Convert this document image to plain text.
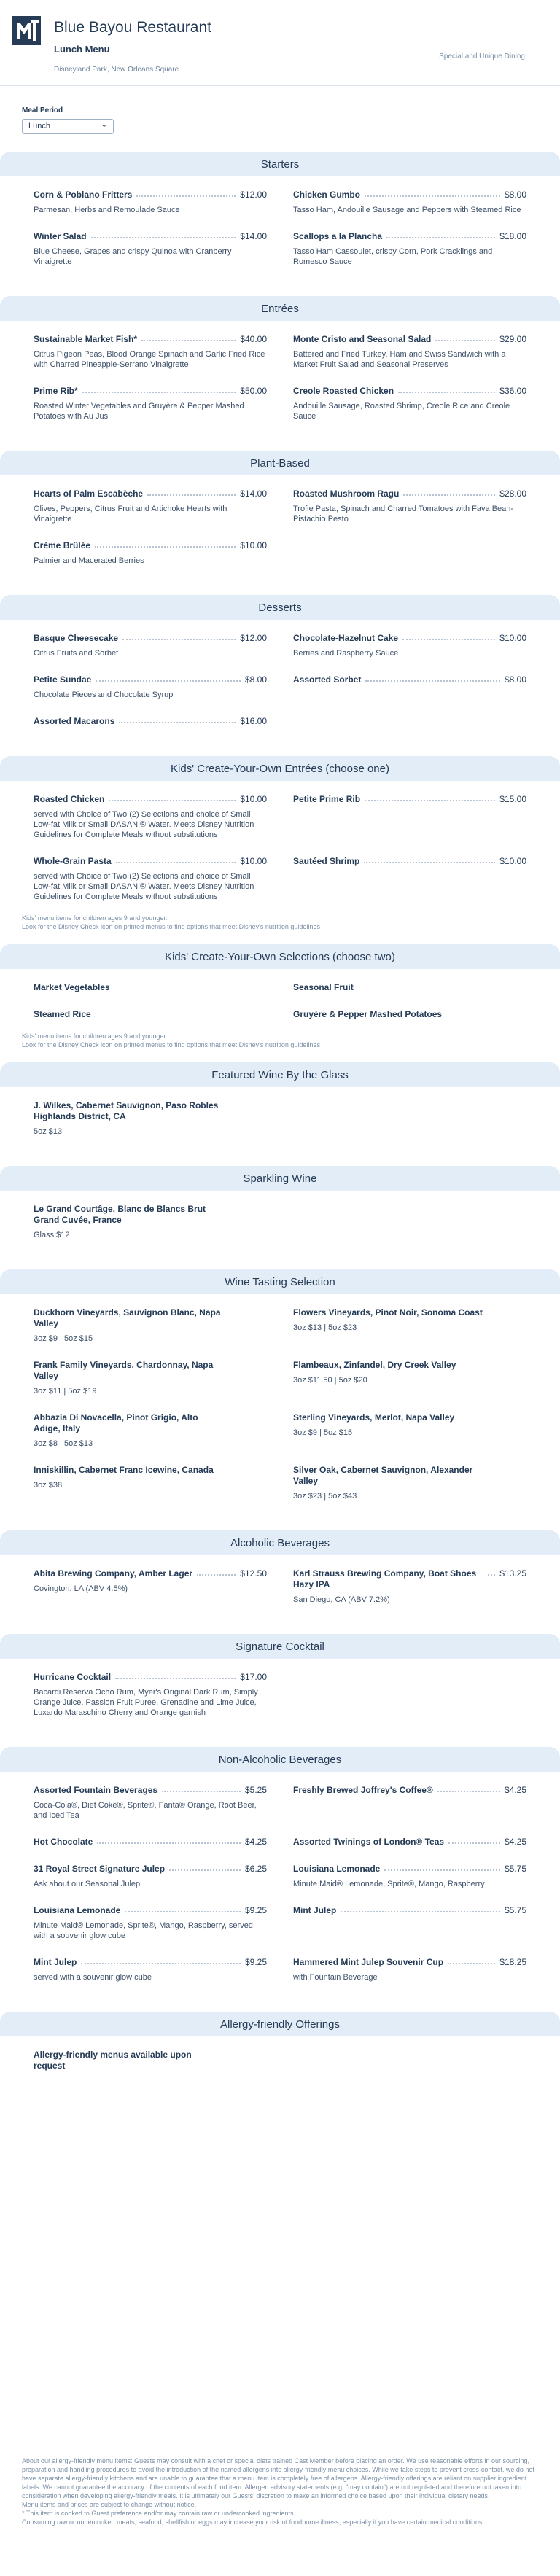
Blue Bayou Restaurant
Lunch Menu
Disneyland Park, New Orleans Square
Special and Unique Dining
Meal Period
Lunch	⌄
Starters
Corn & Poblano Fritters	$12.00
Parmesan, Herbs and Remoulade Sauce
Chicken Gumbo	$8.00
Tasso Ham, Andouille Sausage and Peppers with Steamed Rice
Winter Salad	$14.00
Blue Cheese, Grapes and crispy Quinoa with Cranberry Vinaigrette
Scallops a la Plancha	$18.00
Tasso Ham Cassoulet, crispy Corn, Pork Cracklings and Romesco Sauce
Entrées
Sustainable Market Fish*	$40.00
Citrus Pigeon Peas, Blood Orange Spinach and Garlic Fried Rice with Charred Pineapple-Serrano Vinaigrette
Monte Cristo and Seasonal Salad	$29.00
Battered and Fried Turkey, Ham and Swiss Sandwich with a Market Fruit Salad and Seasonal Preserves
Prime Rib*	$50.00
Roasted Winter Vegetables and Gruyère & Pepper Mashed Potatoes with Au Jus
Creole Roasted Chicken	$36.00
Andouille Sausage, Roasted Shrimp, Creole Rice and Creole Sauce
Plant-Based
Hearts of Palm Escabèche	$14.00
Olives, Peppers, Citrus Fruit and Artichoke Hearts with Vinaigrette
Roasted Mushroom Ragu	$28.00
Trofie Pasta, Spinach and Charred Tomatoes with Fava Bean-Pistachio Pesto
Crème Brûlée	$10.00
Palmier and Macerated Berries
Desserts
Basque Cheesecake	$12.00
Citrus Fruits and Sorbet
Chocolate-Hazelnut Cake	$10.00
Berries and Raspberry Sauce
Petite Sundae	$8.00
Chocolate Pieces and Chocolate Syrup
Assorted Sorbet	$8.00
Assorted Macarons	$16.00
Kids' Create-Your-Own Entrées (choose one)
Roasted Chicken	$10.00
served with Choice of Two (2) Selections and choice of Small Low-fat Milk or Small DASANI® Water. Meets Disney Nutrition Guidelines for Complete Meals without substitutions
Petite Prime Rib	$15.00
Whole-Grain Pasta	$10.00
served with Choice of Two (2) Selections and choice of Small Low-fat Milk or Small DASANI® Water. Meets Disney Nutrition Guidelines for Complete Meals without substitutions
Sautéed Shrimp	$10.00
Kids' menu items for children ages 9 and younger.
Look for the Disney Check icon on printed menus to find options that meet Disney's nutrition guidelines
Kids' Create-Your-Own Selections (choose two)
Market Vegetables	Seasonal Fruit
Steamed Rice	Gruyère & Pepper Mashed Potatoes
Kids' menu items for children ages 9 and younger.
Look for the Disney Check icon on printed menus to find options that meet Disney's nutrition guidelines
Featured Wine By the Glass
J. Wilkes, Cabernet Sauvignon, Paso Robles Highlands District, CA
5oz $13
Sparkling Wine
Le Grand Courtâge, Blanc de Blancs Brut Grand Cuvée, France
Glass $12
Wine Tasting Selection
Duckhorn Vineyards, Sauvignon Blanc, Napa Valley
3oz $9 | 5oz $15
Flowers Vineyards, Pinot Noir, Sonoma Coast
3oz $13 | 5oz $23
Frank Family Vineyards, Chardonnay, Napa Valley
3oz $11 | 5oz $19
Flambeaux, Zinfandel, Dry Creek Valley
3oz $11.50 | 5oz $20
Abbazia Di Novacella, Pinot Grigio, Alto Adige, Italy
3oz $8 | 5oz $13
Sterling Vineyards, Merlot, Napa Valley
3oz $9 | 5oz $15
Inniskillin, Cabernet Franc Icewine, Canada
3oz $38
Silver Oak, Cabernet Sauvignon, Alexander Valley
3oz $23 | 5oz $43
Alcoholic Beverages
Abita Brewing Company, Amber Lager	$12.50
Covington, LA (ABV 4.5%)
Karl Strauss Brewing Company, Boat Shoes Hazy IPA
$13.25
San Diego, CA (ABV 7.2%)
Signature Cocktail
Hurricane Cocktail	$17.00
Bacardi Reserva Ocho Rum, Myer's Original Dark Rum, Simply Orange Juice, Passion Fruit Puree, Grenadine and Lime Juice, Luxardo Maraschino Cherry and Orange garnish
Non-Alcoholic Beverages
Assorted Fountain Beverages	$5.25
Coca-Cola®, Diet Coke®, Sprite®, Fanta® Orange, Root Beer, and Iced Tea
Freshly Brewed Joffrey's Coffee®	$4.25
Hot Chocolate	$4.25	Assorted Twinings of London® Teas	$4.25
31 Royal Street Signature Julep	$6.25
Ask about our Seasonal Julep
Louisiana Lemonade	$5.75
Minute Maid® Lemonade, Sprite®, Mango, Raspberry
Louisiana Lemonade	$9.25
Minute Maid® Lemonade, Sprite®, Mango, Raspberry, served with a souvenir glow cube
Mint Julep	$5.75
Mint Julep	$9.25
served with a souvenir glow cube
Hammered Mint Julep Souvenir Cup	$18.25
with Fountain Beverage
Allergy-friendly Offerings
Allergy-friendly menus available upon request
About our allergy-friendly menu items: Guests may consult with a chef or special diets trained Cast Member before placing an order. We use reasonable efforts in our sourcing, preparation and handling procedures to avoid the introduction of the named allergens into allergy-friendly menu choices. While we take steps to prevent cross-contact, we do not have separate allergy-friendly kitchens and are unable to guarantee that a menu item is completely free of allergens. Allergy-friendly offerings are reliant on supplier ingredient labels. We cannot guarantee the accuracy of the contents of each food item. Allergen advisory statements (e.g. "may contain") are not regulated and therefore not taken into consideration when developing allergy-friendly meals. It is ultimately our Guests' discretion to make an informed choice based upon their individual dietary needs.
Menu items and prices are subject to change without notice.
* This item is cooked to Guest preference and/or may contain raw or undercooked ingredients.
Consuming raw or undercooked meats, seafood, shellfish or eggs may increase your risk of foodborne illness, especially if you have certain medical conditions.
